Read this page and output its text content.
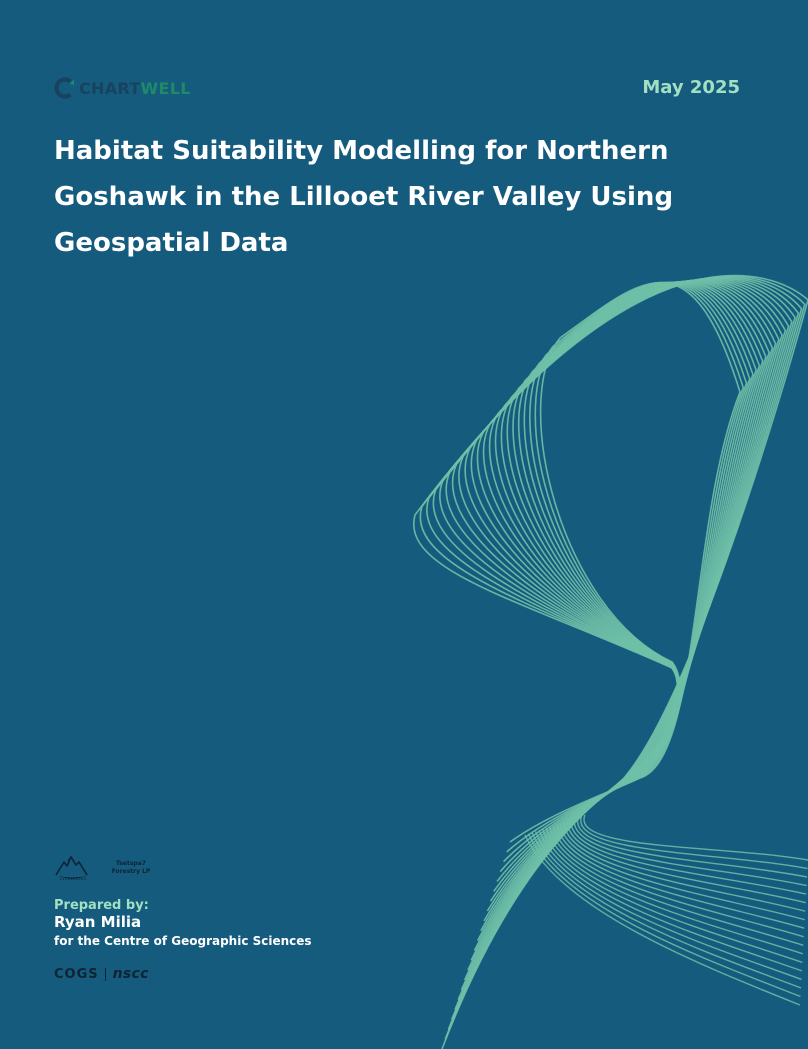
CHARTWELL	May 2025
Habitat Suitability Modelling for Northern Goshawk in the Lillooet River Valley Using Geospatial Data
Tsetspa7
Forestry LP
Prepared by:
Ryan Milia
for the Centre of Geographic Sciences
COGS nscc
